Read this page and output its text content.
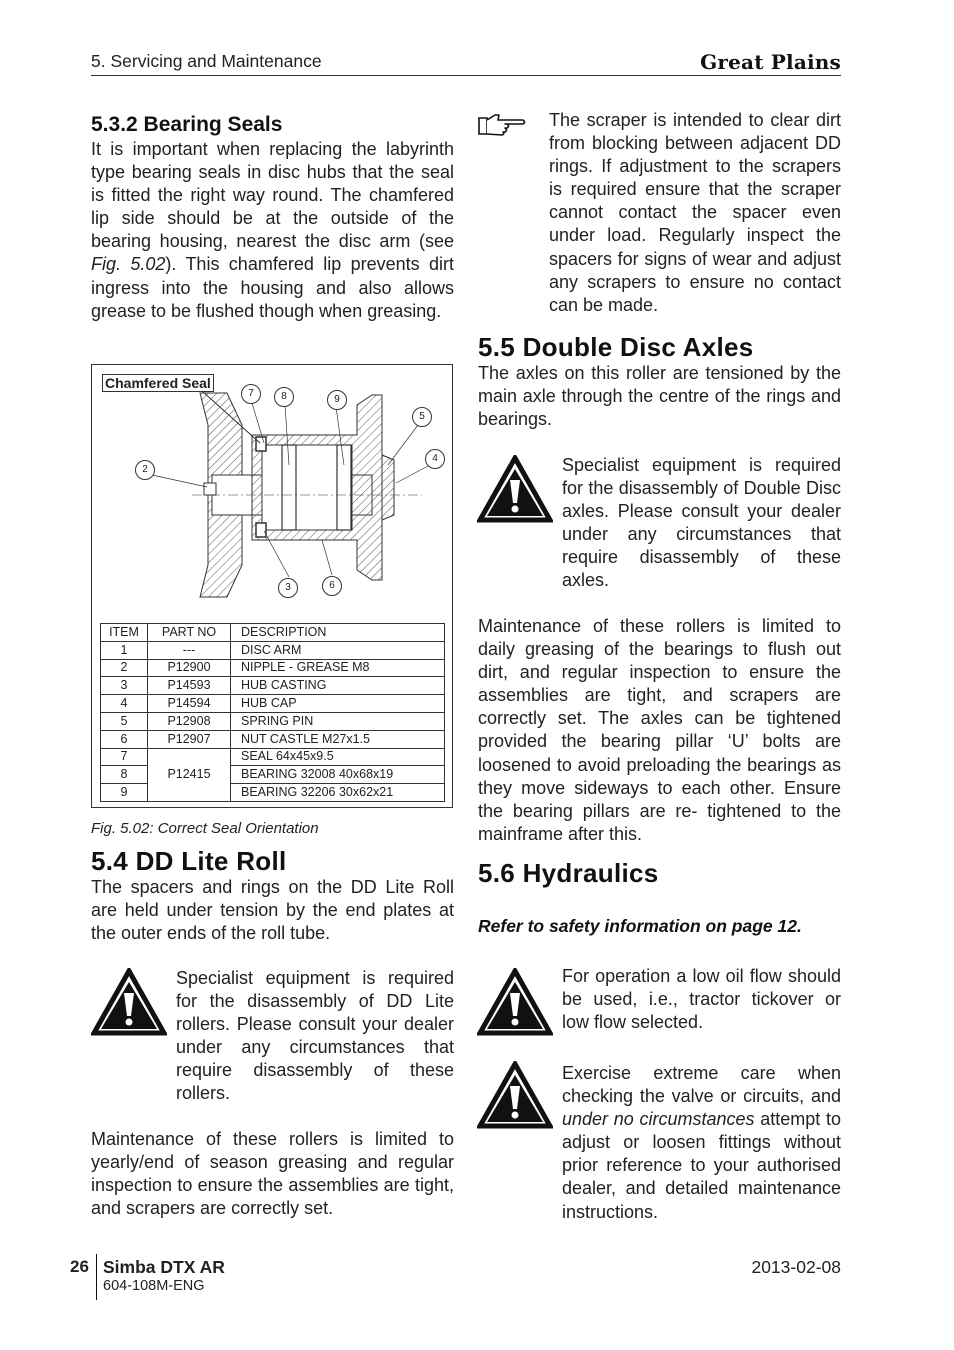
5. Servicing and Maintenance	Great Plains
5.3.2 Bearing Seals
It is important when replacing the labyrinth type bearing seals in disc hubs that the seal is fitted the right way round. The chamfered lip side should be at the outside of the bearing housing, nearest the disc arm (see Fig. 5.02). This chamfered lip prevents dirt ingress into the housing and also allows grease to be flushed though when greasing.
Chamfered Seal
7	8	9
5
4
2
3	6
ITEM	PART NO	DESCRIPTION
1	---	DISC ARM
2	P12900	NIPPLE - GREASE M8
3	P14593	HUB CASTING
4	P14594	HUB CAP
5	P12908	SPRING PIN
6	P12907	NUT CASTLE M27x1.5
7	P12415	SEAL 64x45x9.5
8		BEARING 32008 40x68x19
9		BEARING 32206 30x62x21
Fig. 5.02: Correct Seal Orientation
5.4 DD Lite Roll
The spacers and rings on the DD Lite Roll are held under tension by the end plates at the outer ends of the roll tube.
Specialist equipment is required for the disassembly of DD Lite rollers. Please consult your dealer under any circumstances that require disassembly of these rollers.
Maintenance of these rollers is limited to yearly/end of season greasing and regular inspection to ensure the assemblies are tight, and scrapers are correctly set.
The scraper is intended to clear dirt from blocking between adjacent DD rings. If adjustment to the scrapers is required ensure that the scraper cannot contact the spacer even under load. Regularly inspect the spacers for signs of wear and adjust any scrapers to ensure no contact can be made.
5.5 Double Disc Axles
The axles on this roller are tensioned by the main axle through the centre of the rings and bearings.
Specialist equipment is required for the disassembly of Double Disc axles. Please consult your dealer under any circumstances that require disassembly of these axles.
Maintenance of these rollers is limited to daily greasing of the bearings to flush out dirt, and regular inspection to ensure the assemblies are tight, and scrapers are correctly set. The axles can be tightened provided the bearing pillar ‘U’ bolts are loosened to avoid preloading the bearings as they move sideways to each other. Ensure the bearing pillars are re- tightened to the mainframe after this.
5.6 Hydraulics
Refer to safety information on page 12.
For operation a low oil flow should be used, i.e., tractor tickover or low flow selected.
Exercise extreme care when checking the valve or circuits, and under no circumstances attempt to adjust or loosen fittings without prior reference to your authorised dealer, and detailed maintenance instructions.
26 Simba DTX AR
604-108M-ENG
2013-02-08
